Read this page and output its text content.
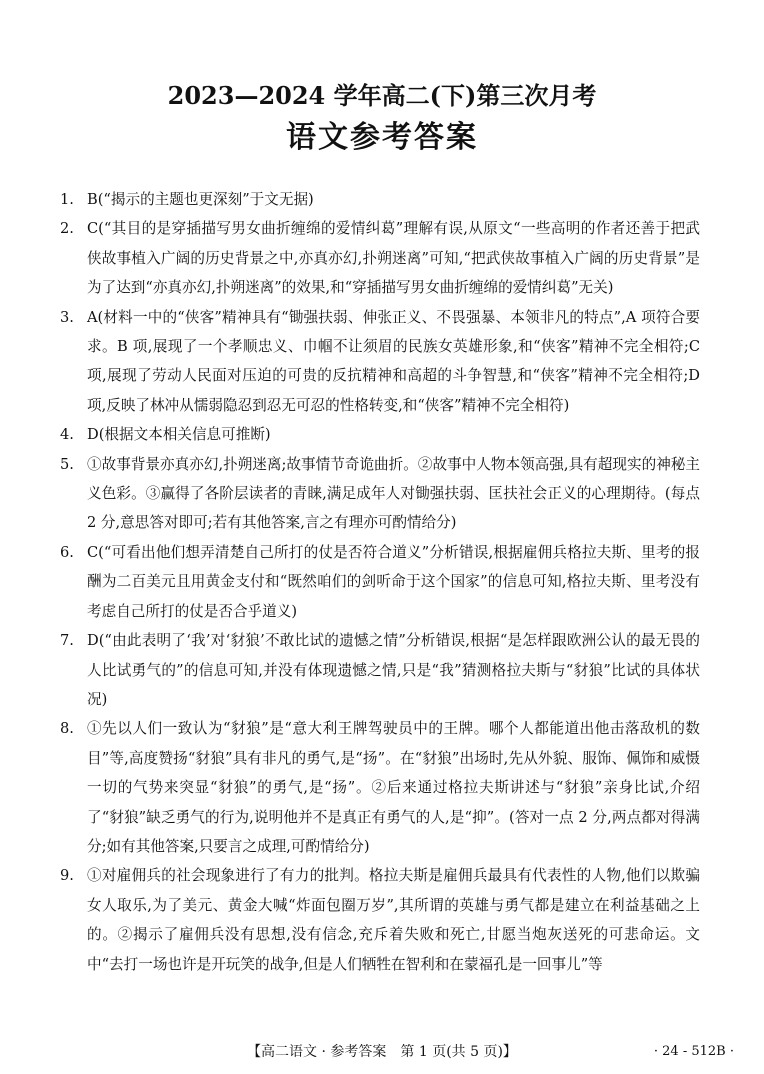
2023—2024 学年高二(下)第三次月考
语文参考答案
1. B(“揭示的主题也更深刻”于文无据)
2. C(“其目的是穿插描写男女曲折缠绵的爱情纠葛”理解有误,从原文“一些高明的作者还善于把武侠故事植入广阔的历史背景之中,亦真亦幻,扑朔迷离”可知,“把武侠故事植入广阔的历史背景”是为了达到“亦真亦幻,扑朔迷离”的效果,和“穿插描写男女曲折缠绵的爱情纠葛”无关)
3. A(材料一中的“侠客”精神具有“锄强扶弱、伸张正义、不畏强暴、本领非凡的特点”,A 项符合要求。B 项,展现了一个孝顺忠义、巾帼不让须眉的民族女英雄形象,和“侠客”精神不完全相符;C 项,展现了劳动人民面对压迫的可贵的反抗精神和高超的斗争智慧,和“侠客”精神不完全相符;D 项,反映了林冲从懦弱隐忍到忍无可忍的性格转变,和“侠客”精神不完全相符)
4. D(根据文本相关信息可推断)
5. ①故事背景亦真亦幻,扑朔迷离;故事情节奇诡曲折。②故事中人物本领高强,具有超现实的神秘主义色彩。③赢得了各阶层读者的青睐,满足成年人对锄强扶弱、匡扶社会正义的心理期待。(每点 2 分,意思答对即可;若有其他答案,言之有理亦可酌情给分)
6. C(“可看出他们想弄清楚自己所打的仗是否符合道义”分析错误,根据雇佣兵格拉夫斯、里考的报酬为二百美元且用黄金支付和“既然咱们的剑听命于这个国家”的信息可知,格拉夫斯、里考没有考虑自己所打的仗是否合乎道义)
7. D(“由此表明了‘我’对‘豺狼’不敢比试的遗憾之情”分析错误,根据“是怎样跟欧洲公认的最无畏的人比试勇气的”的信息可知,并没有体现遗憾之情,只是“我”猜测格拉夫斯与“豺狼”比试的具体状况)
8. ①先以人们一致认为“豺狼”是“意大利王牌驾驶员中的王牌。哪个人都能道出他击落敌机的数目”等,高度赞扬“豺狼”具有非凡的勇气,是“扬”。在“豺狼”出场时,先从外貌、服饰、佩饰和威慑一切的气势来突显“豺狼”的勇气,是“扬”。②后来通过格拉夫斯讲述与“豺狼”亲身比试,介绍了“豺狼”缺乏勇气的行为,说明他并不是真正有勇气的人,是“抑”。(答对一点 2 分,两点都对得满分;如有其他答案,只要言之成理,可酌情给分)
9. ①对雇佣兵的社会现象进行了有力的批判。格拉夫斯是雇佣兵最具有代表性的人物,他们以欺骗女人取乐,为了美元、黄金大喊“炸面包圈万岁”,其所谓的英雄与勇气都是建立在利益基础之上的。②揭示了雇佣兵没有思想,没有信念,充斥着失败和死亡,甘愿当炮灰送死的可悲命运。文中“去打一场也许是开玩笑的战争,但是人们牺牲在智利和在蒙福孔是一回事儿”等
【高二语文 · 参考答案　第 1 页(共 5 页)】	· 24 - 512B ·
